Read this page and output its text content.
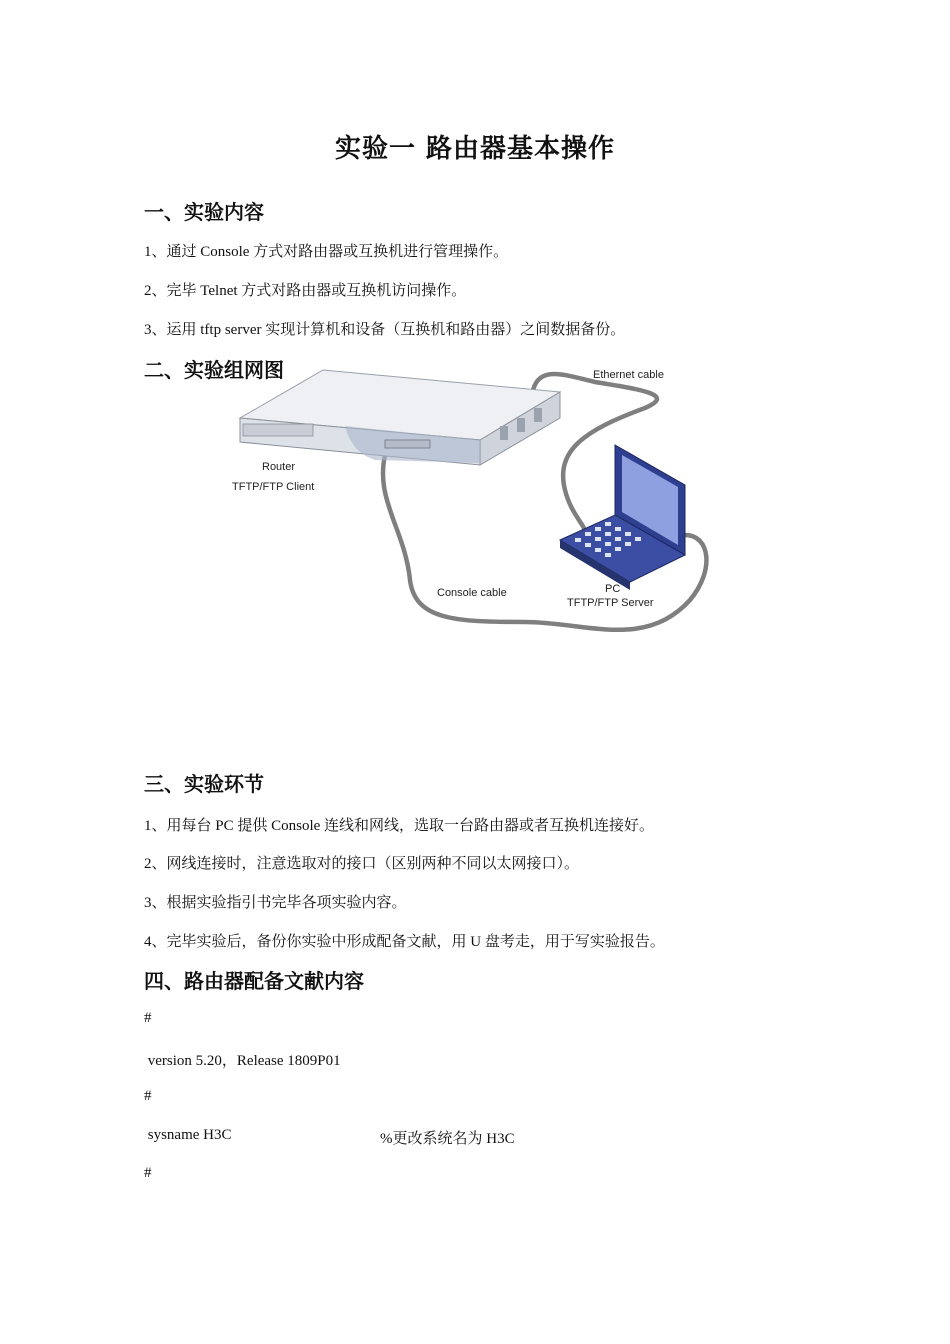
实验一 路由器基本操作
一、实验内容
1、通过 Console 方式对路由器或互换机进行管理操作。
2、完毕 Telnet 方式对路由器或互换机访问操作。
3、运用 tftp server 实现计算机和设备（互换机和路由器）之间数据备份。
二、实验组网图	Ethernet cable
Router
TFTP/FTP Client
Console cable	PC
TFTP/FTP Server
三、实验环节
1、用每台 PC 提供 Console 连线和网线，选取一台路由器或者互换机连接好。
2、网线连接时，注意选取对的接口（区别两种不同以太网接口）。
3、根据实验指引书完毕各项实验内容。
4、完毕实验后，备份你实验中形成配备文献，用 U 盘考走，用于写实验报告。
四、路由器配备文献内容
#
version 5.20，Release 1809P01
#
sysname H3C	%更改系统名为 H3C
#
